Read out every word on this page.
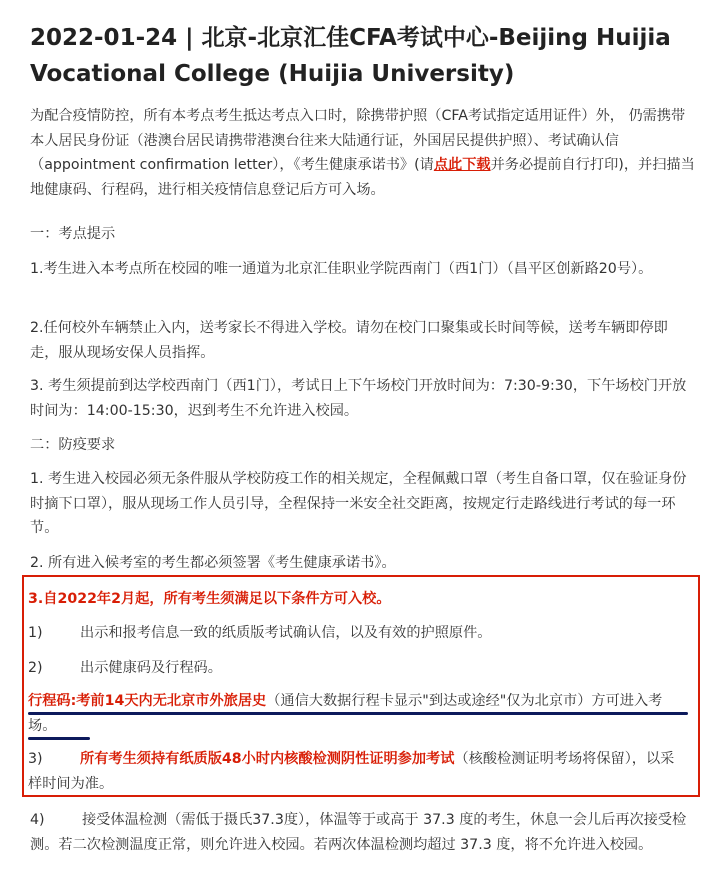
2022-01-24 | 北京-北京汇佳CFA考试中心-Beijing Huijia Vocational College (Huijia University)

为配合疫情防控，所有本考点考生抵达考点入口时，除携带护照（CFA考试指定适用证件）外， 仍需携带本人居民身份证（港澳台居民请携带港澳台往来大陆通行证，外国居民提供护照）、考试确认信（appointment confirmation letter），《考生健康承诺书》(请点此下载并务必提前自行打印)，并扫描当地健康码、行程码，进行相关疫情信息登记后方可入场。

一：考点提示

1.考生进入本考点所在校园的唯一通道为北京汇佳职业学院西南门（西1门）（昌平区创新路20号）。

2.任何校外车辆禁止入内，送考家长不得进入学校。请勿在校门口聚集或长时间等候，送考车辆即停即走，服从现场安保人员指挥。

3. 考生须提前到达学校西南门（西1门），考试日上下午场校门开放时间为：7:30-9:30，下午场校门开放时间为：14:00-15:30，迟到考生不允许进入校园。

二：防疫要求

1. 考生进入校园必须无条件服从学校防疫工作的相关规定，全程佩戴口罩（考生自备口罩，仅在验证身份时摘下口罩），服从现场工作人员引导，全程保持一米安全社交距离，按规定行走路线进行考试的每一环节。

2. 所有进入候考室的考生都必须签署《考生健康承诺书》。

3.自2022年2月起，所有考生须满足以下条件方可入校。

1)	出示和报考信息一致的纸质版考试确认信，以及有效的护照原件。

2)	出示健康码及行程码。

行程码:考前14天内无北京市外旅居史（通信大数据行程卡显示"到达或途经"仅为北京市）方可进入考场。

3)	所有考生须持有纸质版48小时内核酸检测阴性证明参加考试（核酸检测证明考场将保留），以采样时间为准。

4)	接受体温检测（需低于摄氏37.3度），体温等于或高于 37.3 度的考生，休息一会儿后再次接受检测。若二次检测温度正常，则允许进入校园。若两次体温检测均超过 37.3 度，将不允许进入校园。
